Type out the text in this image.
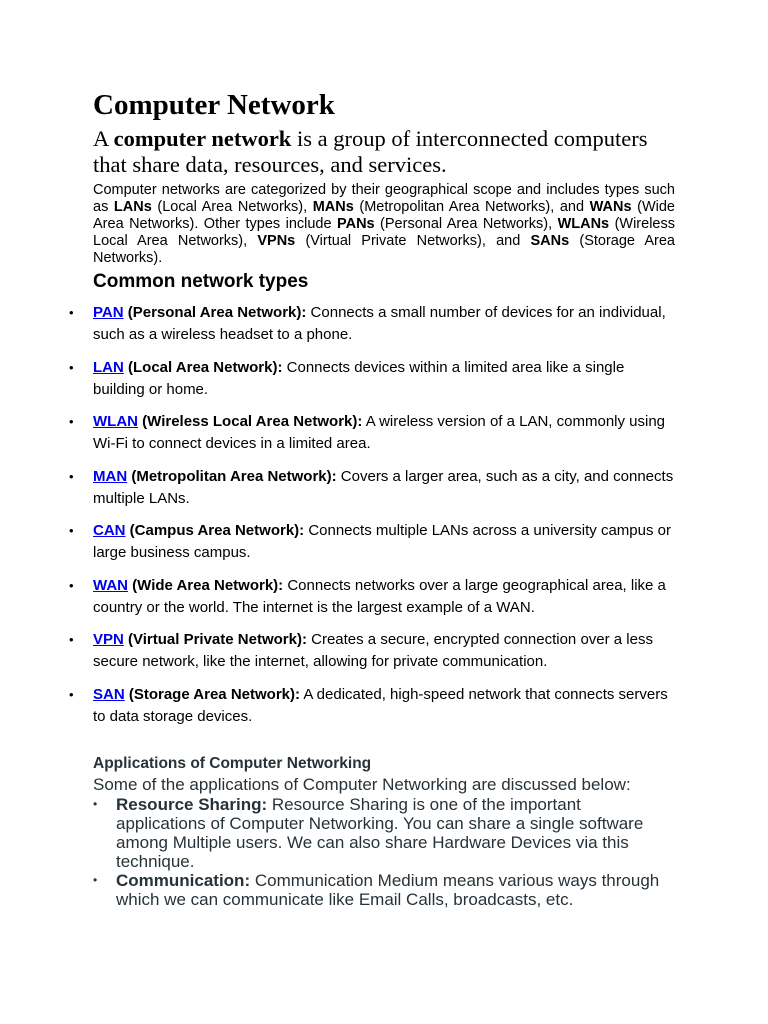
Computer Network

A computer network is a group of interconnected computers that share data, resources, and services.

Computer networks are categorized by their geographical scope and includes types such as LANs (Local Area Networks), MANs (Metropolitan Area Networks), and WANs (Wide Area Networks). Other types include PANs (Personal Area Networks), WLANs (Wireless Local Area Networks), VPNs (Virtual Private Networks), and SANs (Storage Area Networks).

Common network types
• PAN (Personal Area Network): Connects a small number of devices for an individual, such as a wireless headset to a phone.
• LAN (Local Area Network): Connects devices within a limited area like a single building or home.
• WLAN (Wireless Local Area Network): A wireless version of a LAN, commonly using Wi-Fi to connect devices in a limited area.
• MAN (Metropolitan Area Network): Covers a larger area, such as a city, and connects multiple LANs.
• CAN (Campus Area Network): Connects multiple LANs across a university campus or large business campus.
• WAN (Wide Area Network): Connects networks over a large geographical area, like a country or the world. The internet is the largest example of a WAN.
• VPN (Virtual Private Network): Creates a secure, encrypted connection over a less secure network, like the internet, allowing for private communication.
• SAN (Storage Area Network): A dedicated, high-speed network that connects servers to data storage devices.
Applications of Computer Networking

Some of the applications of Computer Networking are discussed below:

• Resource Sharing: Resource Sharing is one of the important applications of Computer Networking. You can share a single software among Multiple users. We can also share Hardware Devices via this technique.
• Communication: Communication Medium means various ways through which we can communicate like Email Calls, broadcasts, etc.
